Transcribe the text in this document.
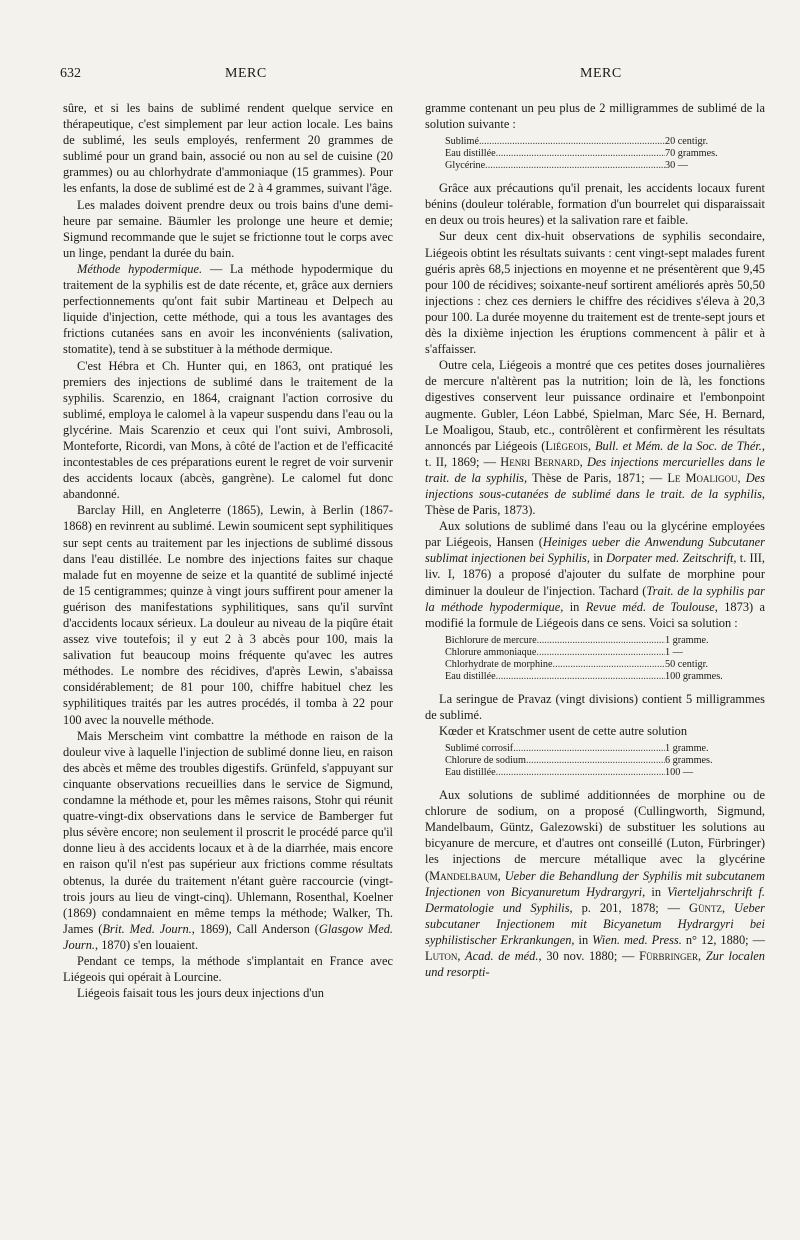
632	MERC	MERC

sûre, et si les bains de sublimé rendent quelque service en thérapeutique, c'est simplement par leur action locale. Les bains de sublimé, les seuls employés, renferment 20 grammes de sublimé pour un grand bain, associé ou non au sel de cuisine (20 grammes) ou au chlorhydrate d'ammoniaque (15 grammes). Pour les enfants, la dose de sublimé est de 2 à 4 grammes, suivant l'âge.

Les malades doivent prendre deux ou trois bains d'une demi-heure par semaine. Bäumler les prolonge une heure et demie; Sigmund recommande que le sujet se frictionne tout le corps avec un linge, pendant la durée du bain.

Méthode hypodermique. — La méthode hypodermique du traitement de la syphilis est de date récente, et, grâce aux derniers perfectionnements qu'ont fait subir Martineau et Delpech au liquide d'injection, cette méthode, qui a tous les avantages des frictions cutanées sans en avoir les inconvénients (salivation, stomatite), tend à se substituer à la méthode dermique.

C'est Hébra et Ch. Hunter qui, en 1863, ont pratiqué les premiers des injections de sublimé dans le traitement de la syphilis. Scarenzio, en 1864, craignant l'action corrosive du sublimé, employa le calomel à la vapeur suspendu dans l'eau ou la glycérine. Mais Scarenzio et ceux qui l'ont suivi, Ambrosoli, Monteforte, Ricordi, van Mons, à côté de l'action et de l'efficacité incontestables de ces préparations eurent le regret de voir survenir des accidents locaux (abcès, gangrène). Le calomel fut donc abandonné.

Barclay Hill, en Angleterre (1865), Lewin, à Berlin (1867-1868) en revinrent au sublimé. Lewin soumicent sept syphilitiques sur sept cents au traitement par les injections de sublimé dissous dans l'eau distillée. Le nombre des injections faites sur chaque malade fut en moyenne de seize et la quantité de sublimé injecté de 15 centigrammes; quinze à vingt jours suffirent pour amener la guérison des manifestations syphilitiques, sans qu'il survînt d'accidents locaux sérieux. La douleur au niveau de la piqûre était assez vive toutefois; il y eut 2 à 3 abcès pour 100, mais la salivation fut beaucoup moins fréquente qu'avec les autres méthodes. Le nombre des récidives, d'après Lewin, s'abaissa considérablement; de 81 pour 100, chiffre habituel chez les syphilitiques traités par les autres procédés, il tomba à 22 pour 100 avec la nouvelle méthode.

Mais Merscheim vint combattre la méthode en raison de la douleur vive à laquelle l'injection de sublimé donne lieu, en raison des abcès et même des troubles digestifs. Grünfeld, s'appuyant sur cinquante observations recueillies dans le service de Sigmund, condamne la méthode et, pour les mêmes raisons, Stohr qui réunit quatre-vingt-dix observations dans le service de Bamberger fut plus sévère encore; non seulement il proscrit le procédé parce qu'il donne lieu à des accidents locaux et à de la diarrhée, mais encore en raison qu'il n'est pas supérieur aux frictions comme résultats obtenus, la durée du traitement n'étant guère raccourcie (vingt-trois jours au lieu de vingt-cinq). Uhlemann, Rosenthal, Koelner (1869) condamnaient en même temps la méthode; Walker, Th. James (Brit. Med. Journ., 1869), Call Anderson (Glasgow Med. Journ., 1870) s'en louaient.

Pendant ce temps, la méthode s'implantait en France avec Liégeois qui opérait à Lourcine.

Liégeois faisait tous les jours deux injections d'un

gramme contenant un peu plus de 2 milligrammes de sublimé de la solution suivante :

Sublimé .....	20 centigr.
Eau distillée .....	70 grammes.
Glycérine .....	30 —

Grâce aux précautions qu'il prenait, les accidents locaux furent bénins (douleur tolérable, formation d'un bourrelet qui disparaissait en deux ou trois heures) et la salivation rare et faible.

Sur deux cent dix-huit observations de syphilis secondaire, Liégeois obtint les résultats suivants : cent vingt-sept malades furent guéris après 68,5 injections en moyenne et ne présentèrent que 9,45 pour 100 de récidives; soixante-neuf sortirent améliorés après 50,50 injections : chez ces derniers le chiffre des récidives s'éleva à 20,3 pour 100. La durée moyenne du traitement est de trente-sept jours et dès la dixième injection les éruptions commencent à pâlir et à s'affaisser.

Outre cela, Liégeois a montré que ces petites doses journalières de mercure n'altèrent pas la nutrition; loin de là, les fonctions digestives conservent leur puissance ordinaire et l'embonpoint augmente. Gubler, Léon Labbé, Spielman, Marc Sée, H. Bernard, Le Moaligou, Staub, etc., contrôlèrent et confirmèrent les résultats annoncés par Liégeois (Liégeois, Bull. et Mém. de la Soc. de Thér., t. II, 1869; — Henri Bernard, Des injections mercurielles dans le trait. de la syphilis, Thèse de Paris, 1871; — Le Moaligou, Des injections sous-cutanées de sublimé dans le trait. de la syphilis, Thèse de Paris, 1873).

Aux solutions de sublimé dans l'eau ou la glycérine employées par Liégeois, Hansen (Heiniges ueber die Anwendung Subcutaner sublimat injectionen bei Syphilis, in Dorpater med. Zeitschrift, t. III, liv. I, 1876) a proposé d'ajouter du sulfate de morphine pour diminuer la douleur de l'injection. Tachard (Trait. de la syphilis par la méthode hypodermique, in Revue méd. de Toulouse, 1873) a modifié la formule de Liégeois dans ce sens. Voici sa solution :

Bichlorure de mercure .....	1 gramme.
Chlorure ammoniaque .....	1 —
Chlorhydrate de morphine .....	50 centigr.
Eau distillée .....	100 grammes.

La seringue de Pravaz (vingt divisions) contient 5 milligrammes de sublimé.

Kœder et Kratschmer usent de cette autre solution

Sublimé corrosif .....	1 gramme.
Chlorure de sodium .....	6 grammes.
Eau distillée .....	100 —

Aux solutions de sublimé additionnées de morphine ou de chlorure de sodium, on a proposé (Cullingworth, Sigmund, Mandelbaum, Güntz, Galezowski) de substituer les solutions au bicyanure de mercure, et d'autres ont conseillé (Luton, Fürbringer) les injections de mercure métallique avec la glycérine (Mandelbaum, Ueber die Behandlung der Syphilis mit subcutanem Injectionen von Bicyanuretum Hydrargyri, in Vierteljahrschrift f. Dermatologie und Syphilis, p. 201, 1878; — Güntz, Ueber subcutaner Injectionem mit Bicyanetum Hydrargyri bei syphilistischer Erkrankungen, in Wien. med. Press. n° 12, 1880; — Luton, Acad. de méd., 30 nov. 1880; — Fürbringer, Zur localen und resorpti-
